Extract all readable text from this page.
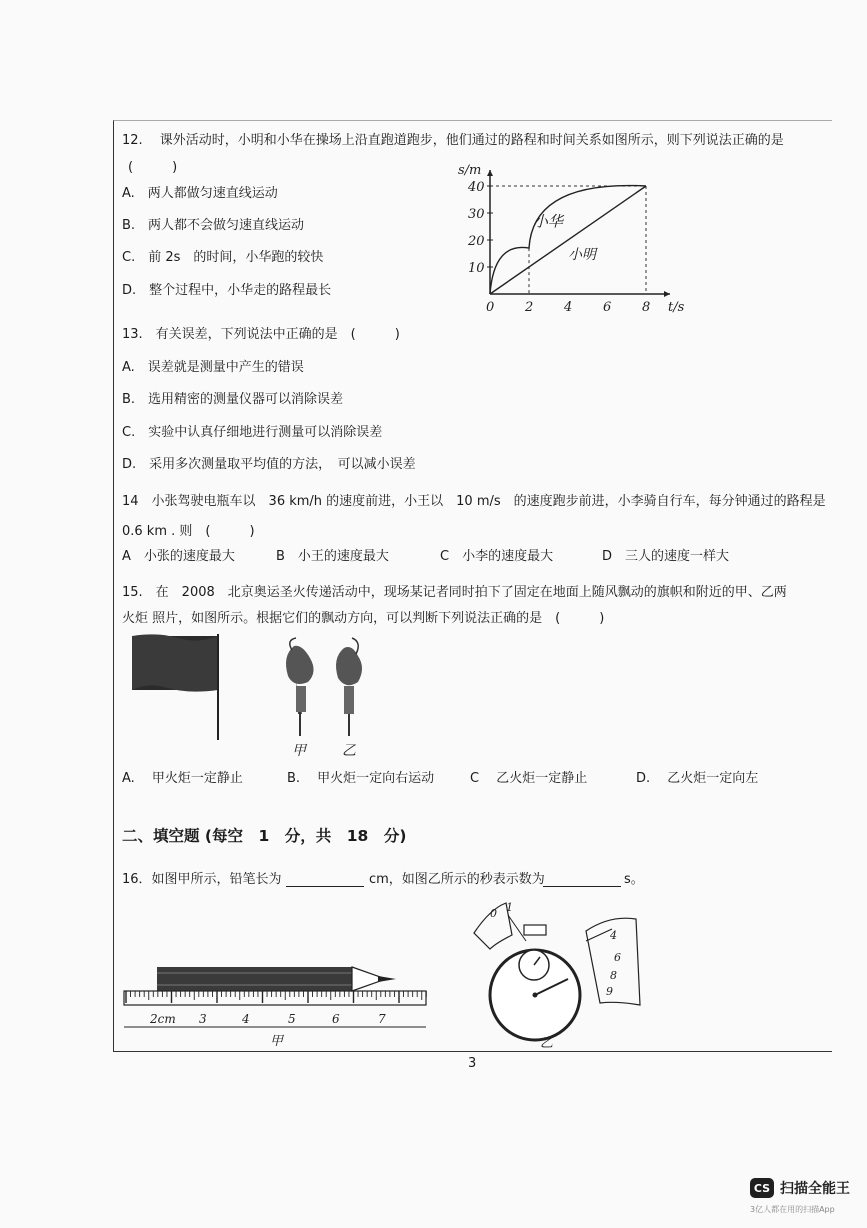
12.　 课外活动时，小明和小华在操场上沿直跑道跑步，他们通过的路程和时间关系如图所示，则下列说法正确的是
(　　　)
A.　两人都做匀速直线运动
B.　两人都不会做匀速直线运动
C.　前 2s　的时间，小华跑的较快
D.　整个过程中，小华走的路程最长
0 2 4 6 8
10
20
30
40
s/m
t/s
小华
小明
13.　有关误差，下列说法中正确的是　(　　　)
A.　误差就是测量中产生的错误
B.　选用精密的测量仪器可以消除误差
C.　实验中认真仔细地进行测量可以消除误差
D.　采用多次测量取平均值的方法，　可以减小误差
14　小张驾驶电瓶车以　36 km/h 的速度前进，小王以　10 m/s　的速度跑步前进，小李骑自行车，每分钟通过的路程是
0.6 km . 则　(　　　)
A　小张的速度最大	B　小王的速度最大	C　小李的速度最大	D　三人的速度一样大
15.　在　2008　北京奥运圣火传递活动中，现场某记者同时拍下了固定在地面上随风飘动的旗帜和附近的甲、乙两
火炬 照片，如图所示。根据它们的飘动方向，可以判断下列说法正确的是　(　　　)
甲	乙
A.　 甲火炬一定静止	B.　 甲火炬一定向右运动	C　 乙火炬一定静止	D.　 乙火炬一定向左
二、填空题 (每空　1　分，共　18　分)
16．如图甲所示，铅笔长为	cm，如图乙所示的秒表示数为	s。
2cm 3	4	5	6	7
甲
0 1
4
6
8
9
乙
3
CS 扫描全能王
3亿人都在用的扫描App
